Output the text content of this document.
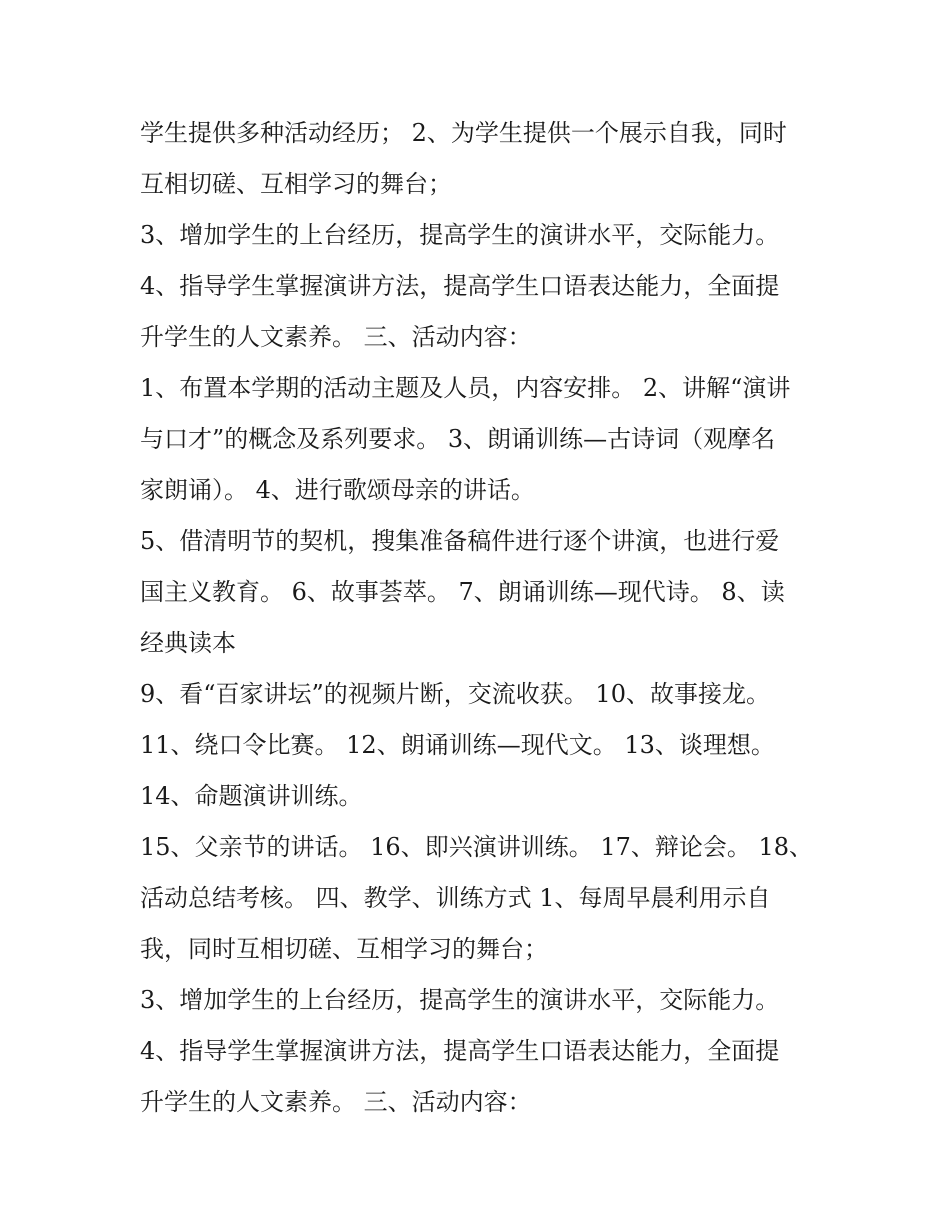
学生提供多种活动经历； 2、为学生提供一个展示自我，同时
互相切磋、互相学习的舞台；
3、增加学生的上台经历，提高学生的演讲水平，交际能力。
4、指导学生掌握演讲方法，提高学生口语表达能力，全面提
升学生的人文素养。 三、活动内容：
1、布置本学期的活动主题及人员，内容安排。 2、讲解“演讲
与口才”的概念及系列要求。 3、朗诵训练—古诗词（观摩名
家朗诵）。 4、进行歌颂母亲的讲话。
5、借清明节的契机，搜集准备稿件进行逐个讲演，也进行爱
国主义教育。 6、故事荟萃。 7、朗诵训练—现代诗。 8、读
经典读本
9、看“百家讲坛”的视频片断，交流收获。 10、故事接龙。
11、绕口令比赛。 12、朗诵训练—现代文。 13、谈理想。
14、命题演讲训练。
15、父亲节的讲话。 16、即兴演讲训练。 17、辩论会。 18、
活动总结考核。 四、教学、训练方式 1、每周早晨利用示自
我，同时互相切磋、互相学习的舞台；
3、增加学生的上台经历，提高学生的演讲水平，交际能力。
4、指导学生掌握演讲方法，提高学生口语表达能力，全面提
升学生的人文素养。 三、活动内容：
